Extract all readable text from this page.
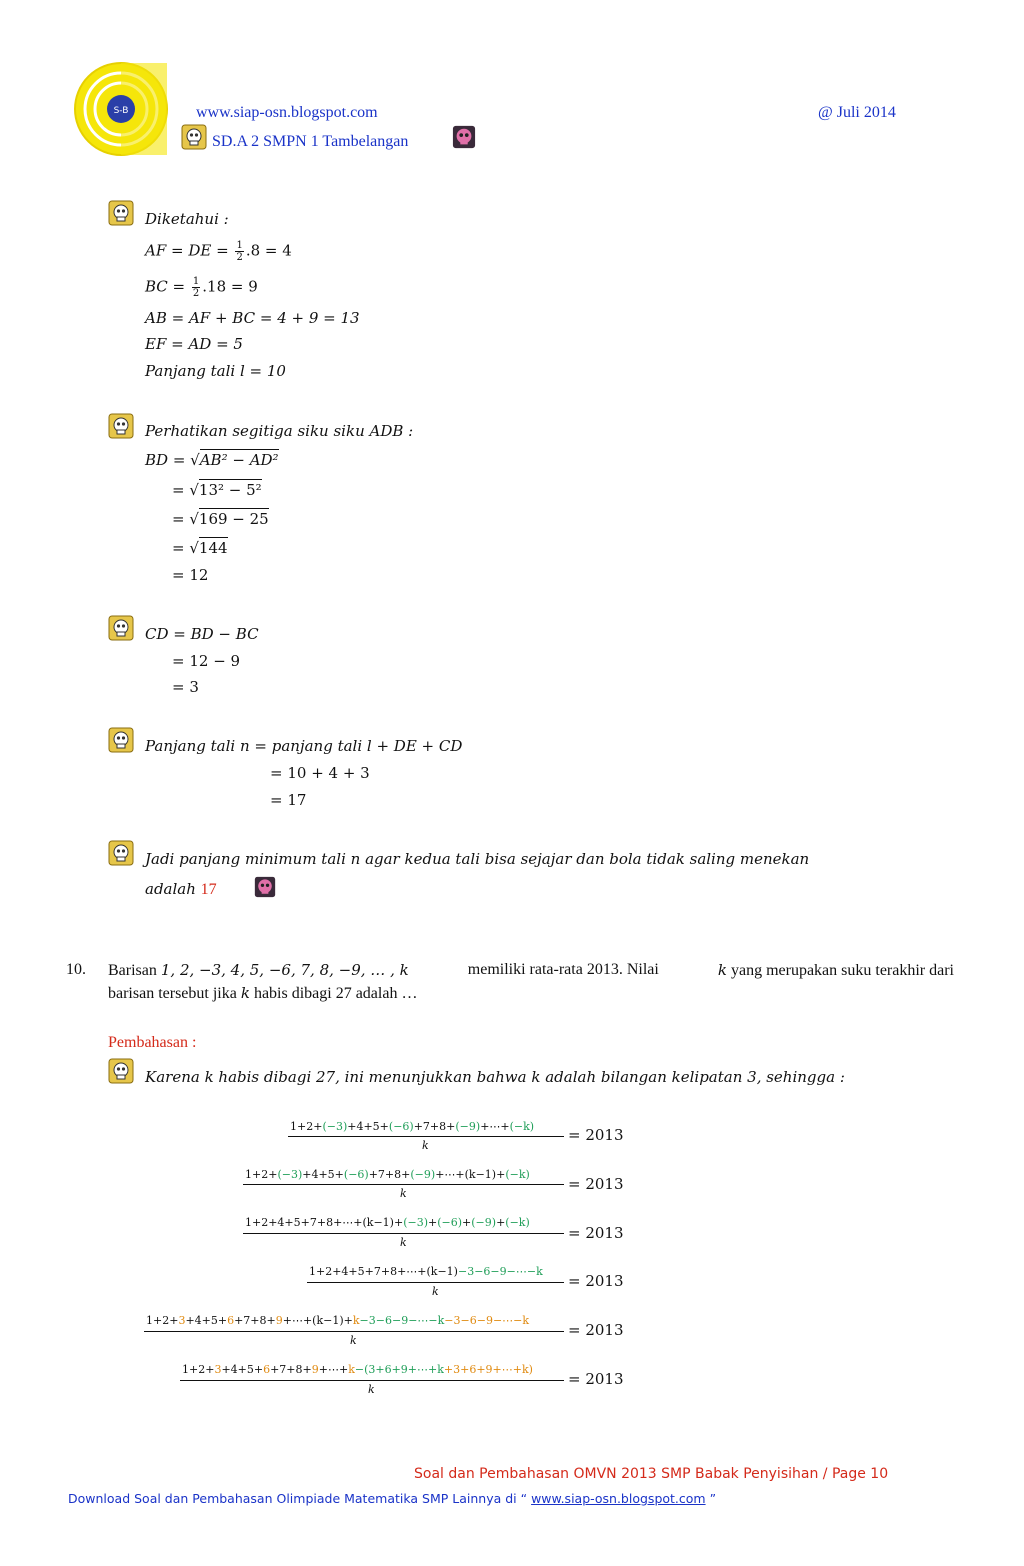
S-B	www.siap-osn.blogspot.com	@ Juli 2014
SD.A 2 SMPN 1 Tambelangan
Diketahui :
AF = DE = $\frac{1}{2} .8 = 4$
BC = $\frac{1}{2} .18 = 9$
AB = AF + BC = 4 + 9 = 13
EF = AD = 5
Panjang tali l = 10
Perhatikan segitiga siku siku ADB :
BD = √AB² − AD²
= √13² − 5²
= √169 − 25
= √144
= 12
CD = BD − BC
= 12 − 9
= 3
Panjang tali n = panjang tali l + DE + CD
= 10 + 4 + 3
= 17
Jadi panjang minimum tali n agar kedua tali bisa sejajar dan bola tidak saling menekan
adalah 17
10. Barisan 1, 2, −3, 4, 5, −6, 7, 8, −9, … , k	memiliki rata-rata 2013. Nilai	k yang merupakan suku terakhir dari
barisan tersebut jika k habis dibagi 27 adalah …
Pembahasan :
Karena k habis dibagi 27, ini menunjukkan bahwa k adalah bilangan kelipatan 3, sehingga :
1+2+(−3)+4+5+(−6)+7+8+(−9)+⋯+(−k)
k
= 2013
1+2+(−3)+4+5+(−6)+7+8+(−9)+⋯+(k−1)+(−k)
k
= 2013
1+2+4+5+7+8+⋯+(k−1)+(−3)+(−6)+(−9)+(−k)
k
= 2013
1+2+4+5+7+8+⋯+(k−1)−3−6−9−⋯−k
k
= 2013
1+2+3+4+5+6+7+8+9+⋯+(k−1)+k−3−6−9−⋯−k−3−6−9−⋯−k
k
= 2013
1+2+3+4+5+6+7+8+9+⋯+k−(3+6+9+⋯+k+3+6+9+⋯+k)
k
= 2013
Soal dan Pembahasan OMVN 2013 SMP Babak Penyisihan / Page 10
Download Soal dan Pembahasan Olimpiade Matematika SMP Lainnya di “ www.siap-osn.blogspot.com ”
